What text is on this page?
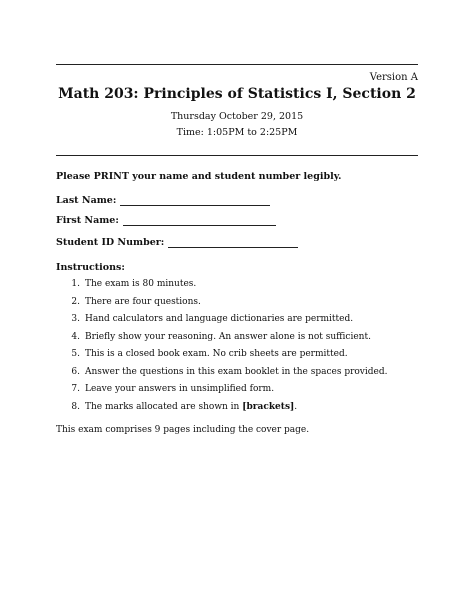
Version A
Math 203: Principles of Statistics I, Section 2
Thursday October 29, 2015
Time: 1:05PM to 2:25PM
Please PRINT your name and student number legibly.
Last Name:
First Name:
Student ID Number:
Instructions:
1. The exam is 80 minutes.
2. There are four questions.
3. Hand calculators and language dictionaries are permitted.
4. Briefly show your reasoning. An answer alone is not sufficient.
5. This is a closed book exam. No crib sheets are permitted.
6. Answer the questions in this exam booklet in the spaces provided.
7. Leave your answers in unsimplified form.
8. The marks allocated are shown in [brackets].
This exam comprises 9 pages including the cover page.
